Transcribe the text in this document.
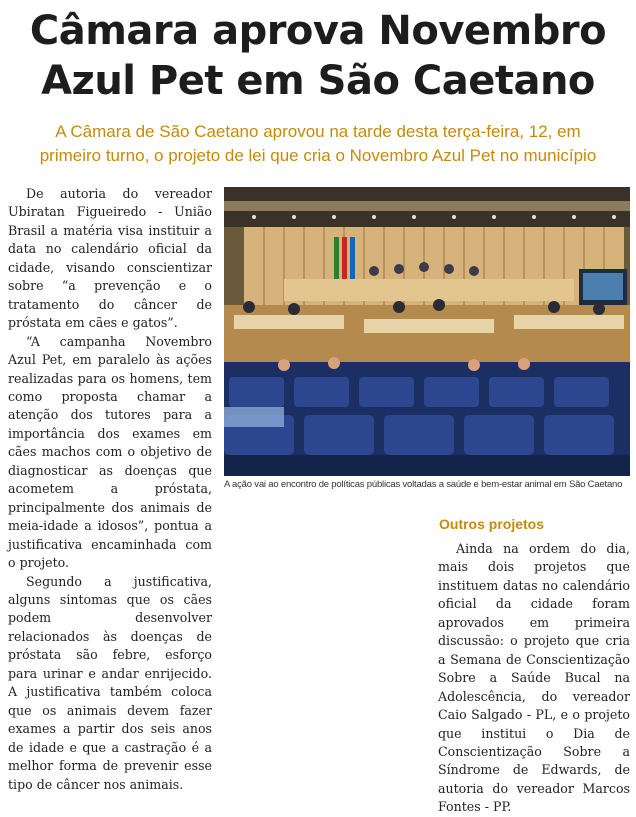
Câmara aprova Novembro
Azul Pet em São Caetano
A Câmara de São Caetano aprovou na tarde desta terça-feira, 12, em
primeiro turno, o projeto de lei que cria o Novembro Azul Pet no município

De autoria do vereador Ubiratan Figueiredo - União Brasil a matéria visa instituir a data no calendário oficial da cidade, visando conscientizar sobre “a prevenção e o tratamento do câncer de próstata em cães e gatos”.

“A campanha Novembro Azul Pet, em paralelo às ações realizadas para os homens, tem como proposta chamar a atenção dos tutores para a importância dos exames em cães machos com o objetivo de diagnosticar as doenças que acometem a próstata, principalmente dos animais de meia-idade a idosos”, pontua a justificativa encaminhada com o projeto.

Segundo a justificativa, alguns sintomas que os cães podem desenvolver relacionados às doenças de próstata são febre, esforço para urinar e andar enrijecido. A justificativa também coloca que os animais devem fazer exames a partir dos seis anos de idade e que a castração é a melhor forma de prevenir esse tipo de câncer nos animais.

A ação vai ao encontro de políticas públicas voltadas a saúde e bem-estar animal em São Caetano
Outros projetos

Ainda na ordem do dia, mais dois projetos que instituem datas no calendário oficial da cidade foram aprovados em primeira discussão: o projeto que cria a Semana de Conscientização Sobre a Saúde Bucal na Adolescência, do vereador Caio Salgado - PL, e o projeto que institui o Dia de Conscientização Sobre a Síndrome de Edwards, de autoria do vereador Marcos Fontes - PP.
